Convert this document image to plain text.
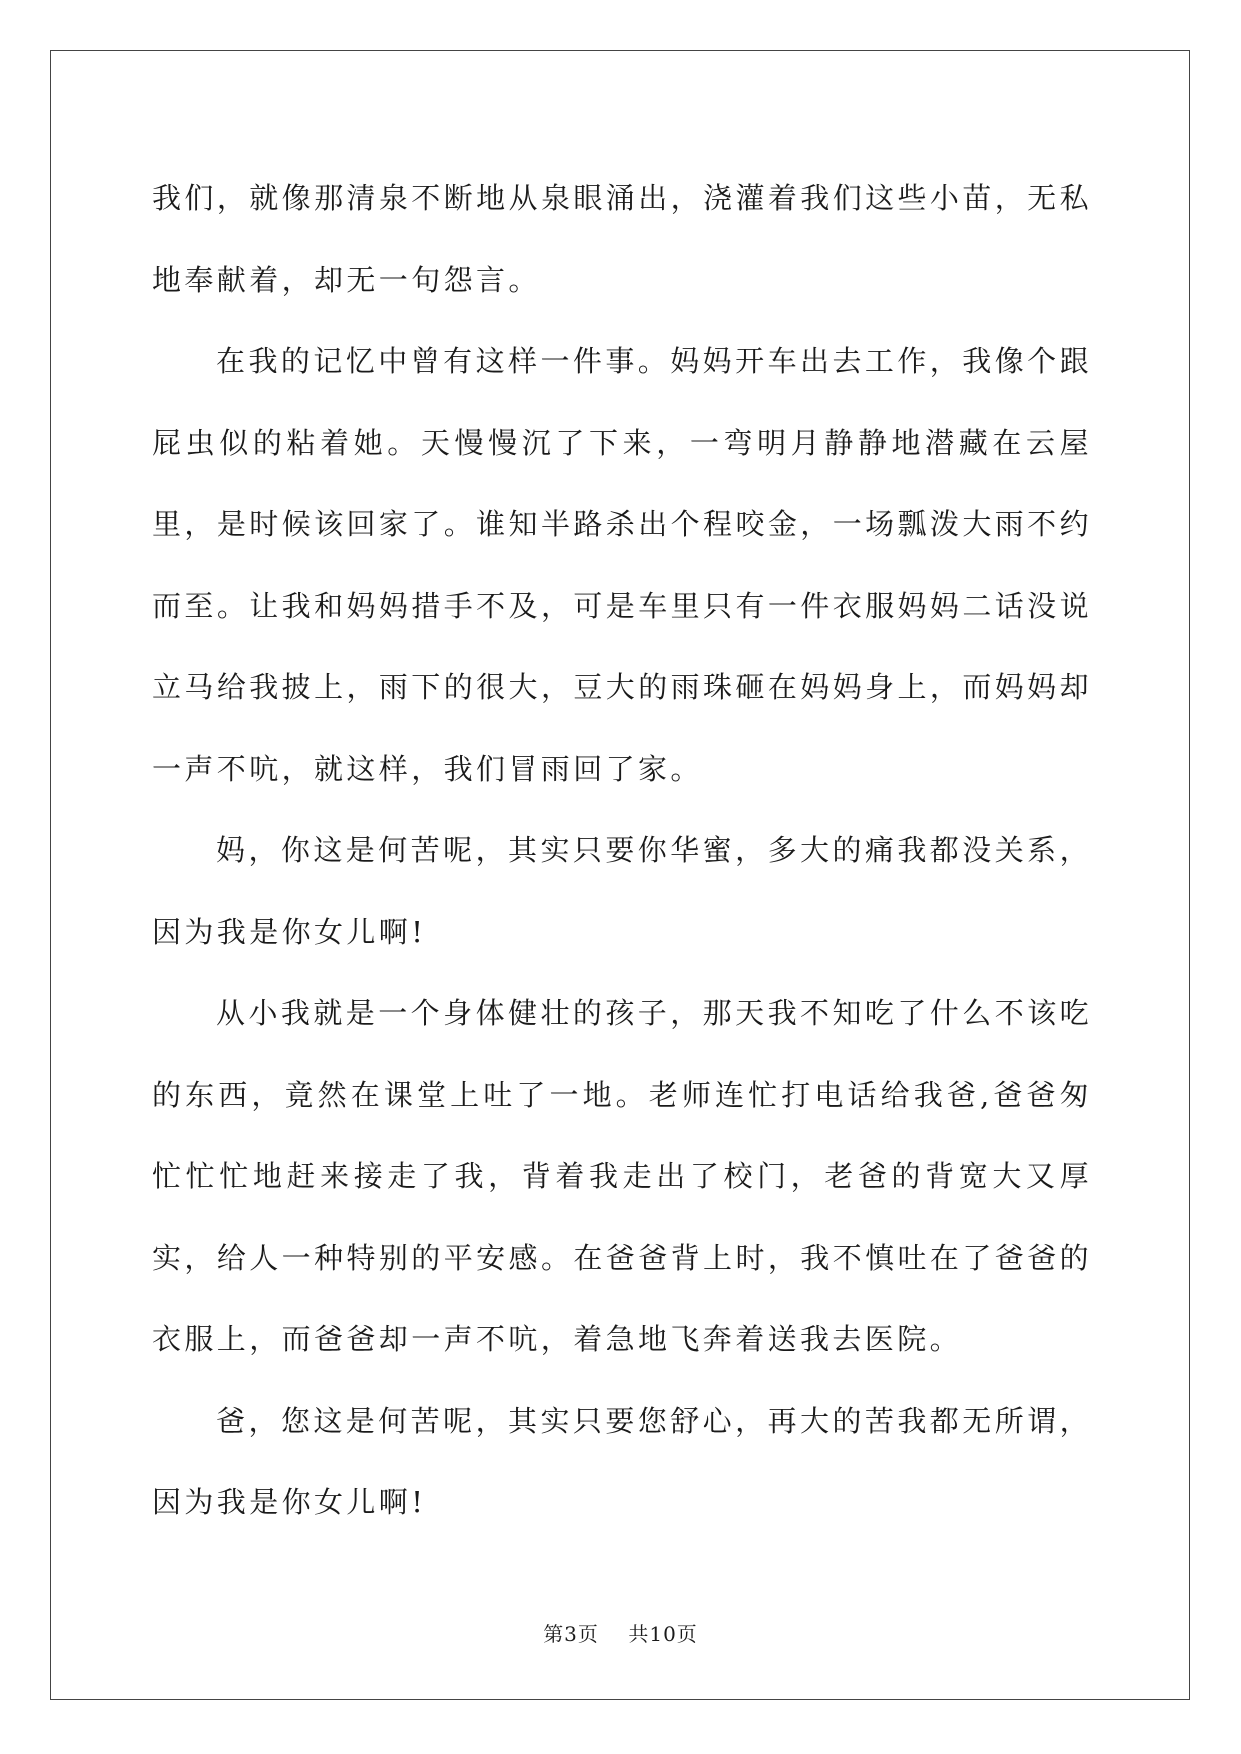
我们，就像那清泉不断地从泉眼涌出，浇灌着我们这些小苗，无私地奉献着，却无一句怨言。

在我的记忆中曾有这样一件事。妈妈开车出去工作，我像个跟屁虫似的粘着她。天慢慢沉了下来，一弯明月静静地潜藏在云屋里，是时候该回家了。谁知半路杀出个程咬金，一场瓢泼大雨不约而至。让我和妈妈措手不及，可是车里只有一件衣服妈妈二话没说立马给我披上，雨下的很大，豆大的雨珠砸在妈妈身上，而妈妈却一声不吭，就这样，我们冒雨回了家。

妈，你这是何苦呢，其实只要你华蜜，多大的痛我都没关系，因为我是你女儿啊!

从小我就是一个身体健壮的孩子，那天我不知吃了什么不该吃的东西，竟然在课堂上吐了一地。老师连忙打电话给我爸,爸爸匆忙忙忙地赶来接走了我，背着我走出了校门，老爸的背宽大又厚实，给人一种特别的平安感。在爸爸背上时，我不慎吐在了爸爸的衣服上，而爸爸却一声不吭，着急地飞奔着送我去医院。

爸，您这是何苦呢，其实只要您舒心，再大的苦我都无所谓，因为我是你女儿啊!

第3页 共10页
